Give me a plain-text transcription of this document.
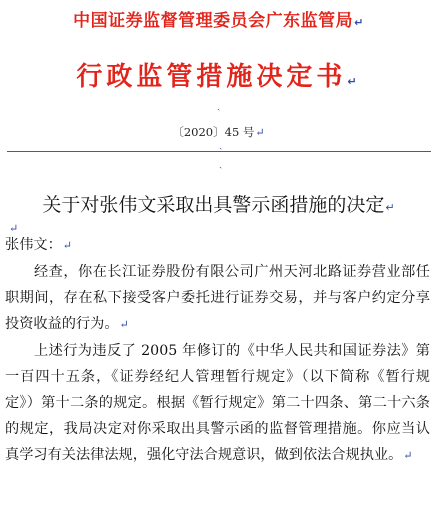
中国证券监督管理委员会广东监管局↵
行政监管措施决定书↵
ˏ
〔2020〕45 号↵
ˏ
ˏ
关于对张伟文采取出具警示函措施的决定↵
↵

张伟文：↵

经查，你在长江证券股份有限公司广州天河北路证券营业部任职期间，存在私下接受客户委托进行证券交易，并与客户约定分享投资收益的行为。↵

上述行为违反了 2005 年修订的《中华人民共和国证券法》第一百四十五条，《证券经纪人管理暂行规定》（以下简称《暂行规定》）第十二条的规定。根据《暂行规定》第二十四条、第二十六条的规定，我局决定对你采取出具警示函的监督管理措施。你应当认真学习有关法律法规，强化守法合规意识，做到依法合规执业。↵
